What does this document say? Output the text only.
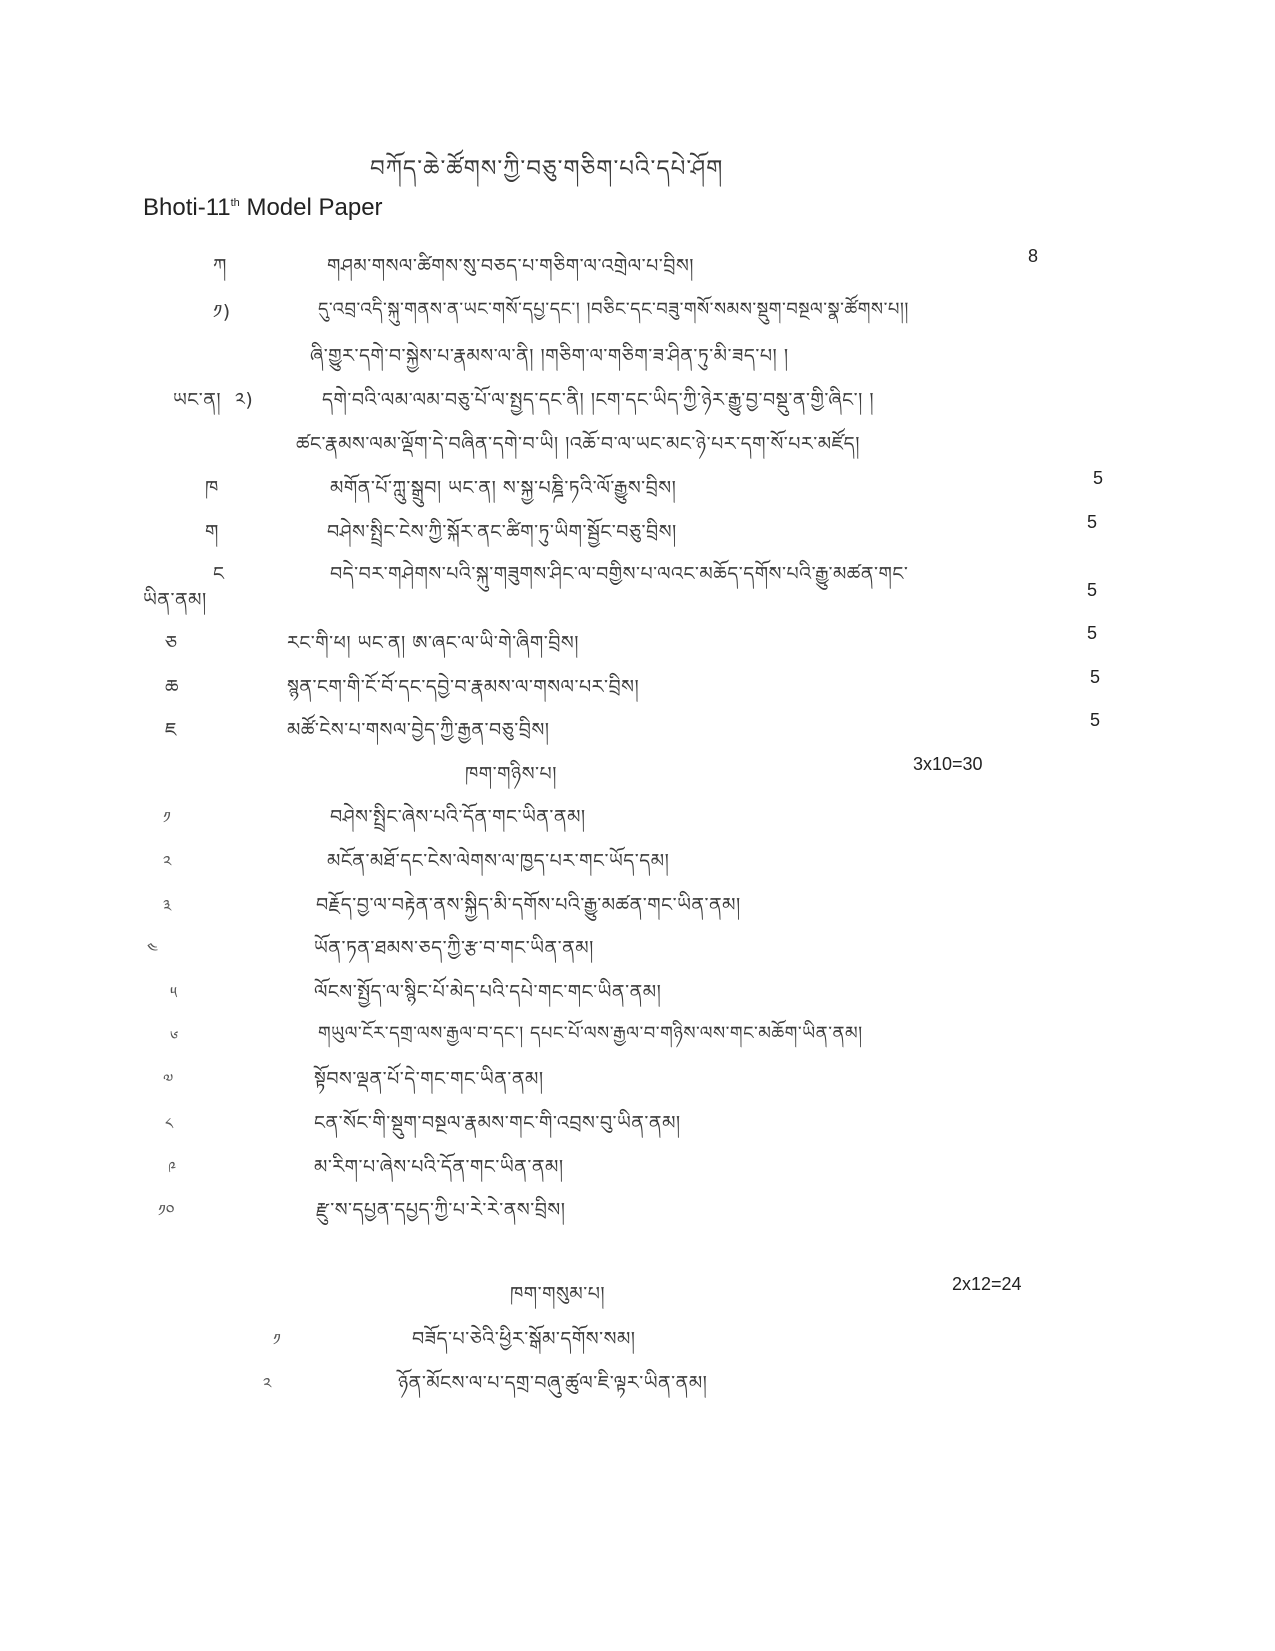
བཀོད་ཆེ་ཚོགས་ཀྱི་བཅུ་གཅིག་པའི་དཔེ་ཤོག
Bhoti-11th Model Paper
ཀ	གཤམ་གསལ་ཚིགས་སུ་བཅད་པ་གཅིག་ལ་འགྲེལ་པ་བྲིས།	8
༡)	དུ་འབྲ་འདི་སྐུ་གནས་ན་ཡང་གསོ་དཔྱ་དང་། །བཅིང་དང་བཟུ་གསོ་སམས་སྡུག་བསྔལ་སྣ་ཚོགས་པ།།
ཞི་གྱུར་དགེ་བ་སྐྱེས་པ་རྣམས་ལ་ནི། །གཅིག་ལ་གཅིག་ཟ་ཤིན་ཏུ་མི་ཟད་པ། །
ཡང་ན། ༢)	དགེ་བའི་ལམ་ལམ་བཅུ་པོ་ལ་སྤྱད་དང་ནི། །ངག་དང་ཡིད་ཀྱི་ཉེར་རྒྱུ་བྱ་བསྡུ་ན་གྱི་ཞིང་། །
ཚང་རྣམས་ལམ་ལྡོག་དེ་བཞིན་དགེ་བ་ཡི། །འཆོ་བ་ལ་ཡང་མང་ཉེ་པར་དག་སོ་པར་མཛོད།
ཁ	མགོན་པོ་ཀླུ་སྒྲུབ། ཡང་ན། ས་སྐྱ་པཎྜི་ཏའི་ལོ་རྒྱུས་བྲིས།	5
ག	བཤེས་སྤྲིང་ངེས་ཀྱི་སྐོར་ནང་ཚིག་ཏུ་ཡིག་སྦྱོང་བཅུ་བྲིས།	5
ང	བདེ་བར་གཤེགས་པའི་སྐུ་གཟུགས་ཤིང་ལ་བགྱིས་པ་ལའང་མཆོད་དགོས་པའི་རྒྱུ་མཚན་གང་
ཡིན་ནམ།	5
ཅ	རང་གི་ཕ། ཡང་ན། ཨ་ཞང་ལ་ཡི་གེ་ཞིག་བྲིས།	5
ཆ	སྙན་ངག་གི་ངོ་བོ་དང་དབྱེ་བ་རྣམས་ལ་གསལ་པར་བྲིས།	5
ཇ	མཚོ་ངེས་པ་གསལ་བྱེད་ཀྱི་རྒྱན་བཅུ་བྲིས།	5
ཁག་གཉིས་པ།	3x10=30
༡	བཤེས་སྤྲིང་ཞེས་པའི་དོན་གང་ཡིན་ནམ།
༢	མངོན་མཐོ་དང་ངེས་ལེགས་ལ་ཁྱད་པར་གང་ཡོད་དམ།
༣	བརྗོད་བྱ་ལ་བརྟེན་ནས་སྐྱིད་མི་དགོས་པའི་རྒྱུ་མཚན་གང་ཡིན་ནམ།
༤	ཡོན་ཏན་ཐམས་ཅད་ཀྱི་རྩ་བ་གང་ཡིན་ནམ།
༥	ལོངས་སྤྱོད་ལ་སྙིང་པོ་མེད་པའི་དཔེ་གང་གང་ཡིན་ནམ།
༦	གཡུལ་ངོར་དགྲ་ལས་རྒྱལ་བ་དང་། དཔང་པོ་ལས་རྒྱལ་བ་གཉིས་ལས་གང་མཆོག་ཡིན་ནམ།
༧	སྟོབས་ལྡན་པོ་དེ་གང་གང་ཡིན་ནམ།
༨	ངན་སོང་གི་སྡུག་བསྔལ་རྣམས་གང་གི་འབྲས་བུ་ཡིན་ནམ།
༩	མ་རིག་པ་ཞེས་པའི་དོན་གང་ཡིན་ནམ།
༡༠	རྫུ་ས་དཔྱན་དཔྱད་ཀྱི་པ་རེ་རེ་ནས་བྲིས།
ཁག་གསུམ་པ།	2x12=24
༡	བཟོད་པ་ཅེའི་ཕྱིར་སྒོམ་དགོས་སམ།
༢	ཉོན་མོངས་ལ་པ་དགྲ་བཞུ་ཚུལ་ཇི་ལྟར་ཡིན་ནམ།
